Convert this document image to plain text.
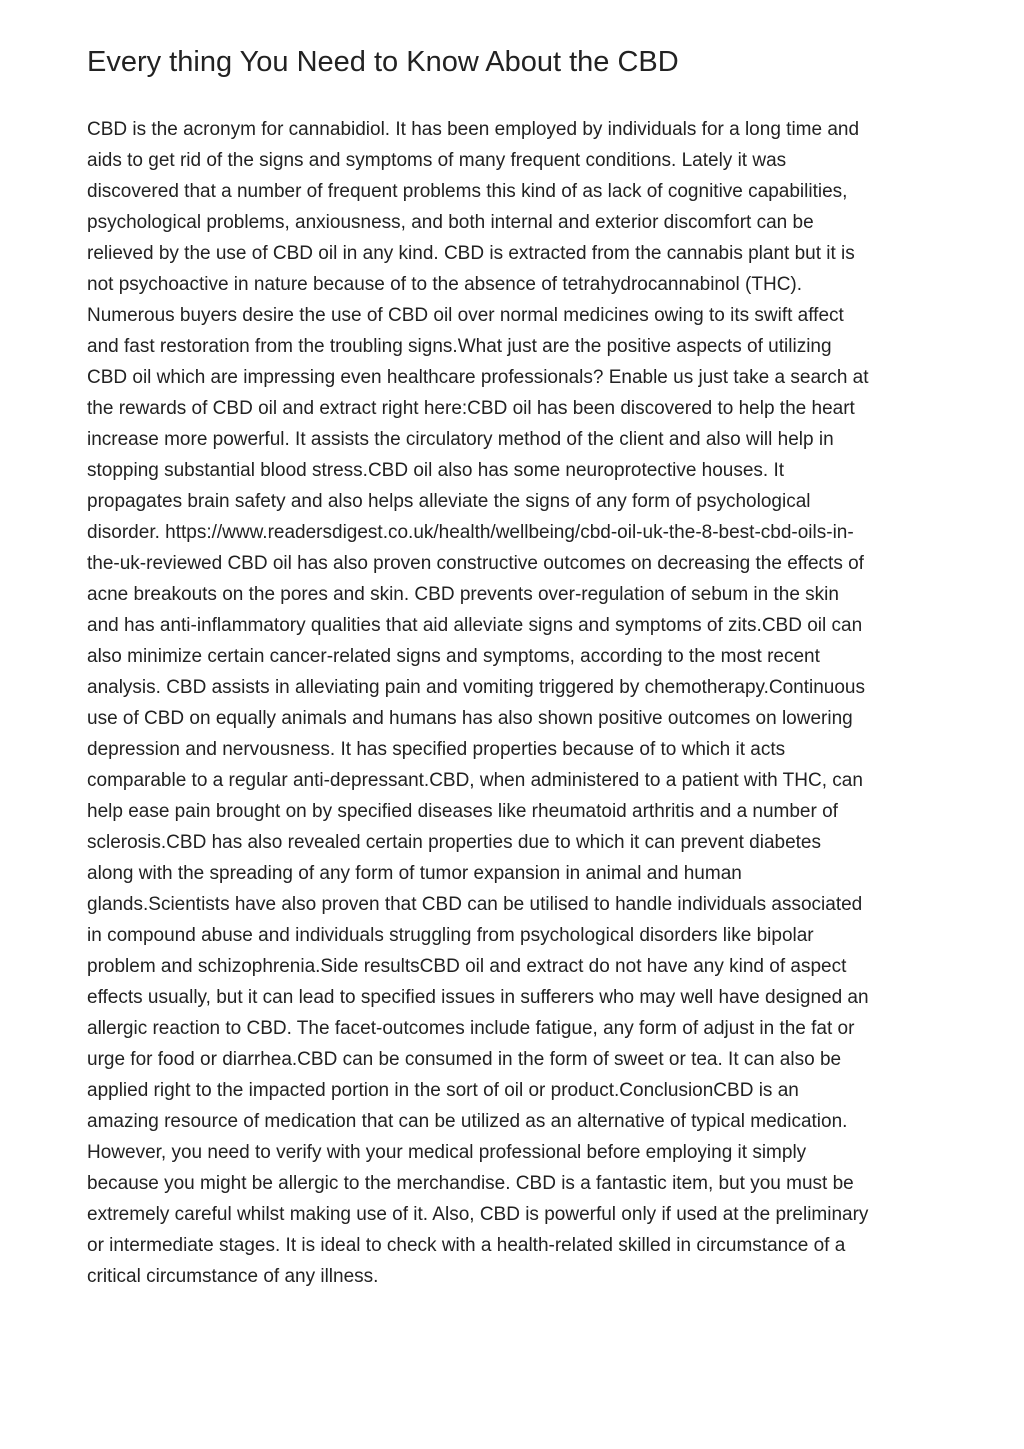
Every thing You Need to Know About the CBD
CBD is the acronym for cannabidiol. It has been employed by individuals for a long time and
aids to get rid of the signs and symptoms of many frequent conditions. Lately it was
discovered that a number of frequent problems this kind of as lack of cognitive capabilities,
psychological problems, anxiousness, and both internal and exterior discomfort can be
relieved by the use of CBD oil in any kind. CBD is extracted from the cannabis plant but it is
not psychoactive in nature because of to the absence of tetrahydrocannabinol (THC).
Numerous buyers desire the use of CBD oil over normal medicines owing to its swift affect
and fast restoration from the troubling signs.What just are the positive aspects of utilizing
CBD oil which are impressing even healthcare professionals? Enable us just take a search at
the rewards of CBD oil and extract right here:CBD oil has been discovered to help the heart
increase more powerful. It assists the circulatory method of the client and also will help in
stopping substantial blood stress.CBD oil also has some neuroprotective houses. It
propagates brain safety and also helps alleviate the signs of any form of psychological
disorder. https://www.readersdigest.co.uk/health/wellbeing/cbd-oil-uk-the-8-best-cbd-oils-in-
the-uk-reviewed CBD oil has also proven constructive outcomes on decreasing the effects of
acne breakouts on the pores and skin. CBD prevents over-regulation of sebum in the skin
and has anti-inflammatory qualities that aid alleviate signs and symptoms of zits.CBD oil can
also minimize certain cancer-related signs and symptoms, according to the most recent
analysis. CBD assists in alleviating pain and vomiting triggered by chemotherapy.Continuous
use of CBD on equally animals and humans has also shown positive outcomes on lowering
depression and nervousness. It has specified properties because of to which it acts
comparable to a regular anti-depressant.CBD, when administered to a patient with THC, can
help ease pain brought on by specified diseases like rheumatoid arthritis and a number of
sclerosis.CBD has also revealed certain properties due to which it can prevent diabetes
along with the spreading of any form of tumor expansion in animal and human
glands.Scientists have also proven that CBD can be utilised to handle individuals associated
in compound abuse and individuals struggling from psychological disorders like bipolar
problem and schizophrenia.Side resultsCBD oil and extract do not have any kind of aspect
effects usually, but it can lead to specified issues in sufferers who may well have designed an
allergic reaction to CBD. The facet-outcomes include fatigue, any form of adjust in the fat or
urge for food or diarrhea.CBD can be consumed in the form of sweet or tea. It can also be
applied right to the impacted portion in the sort of oil or product.ConclusionCBD is an
amazing resource of medication that can be utilized as an alternative of typical medication.
However, you need to verify with your medical professional before employing it simply
because you might be allergic to the merchandise. CBD is a fantastic item, but you must be
extremely careful whilst making use of it. Also, CBD is powerful only if used at the preliminary
or intermediate stages. It is ideal to check with a health-related skilled in circumstance of a
critical circumstance of any illness.
